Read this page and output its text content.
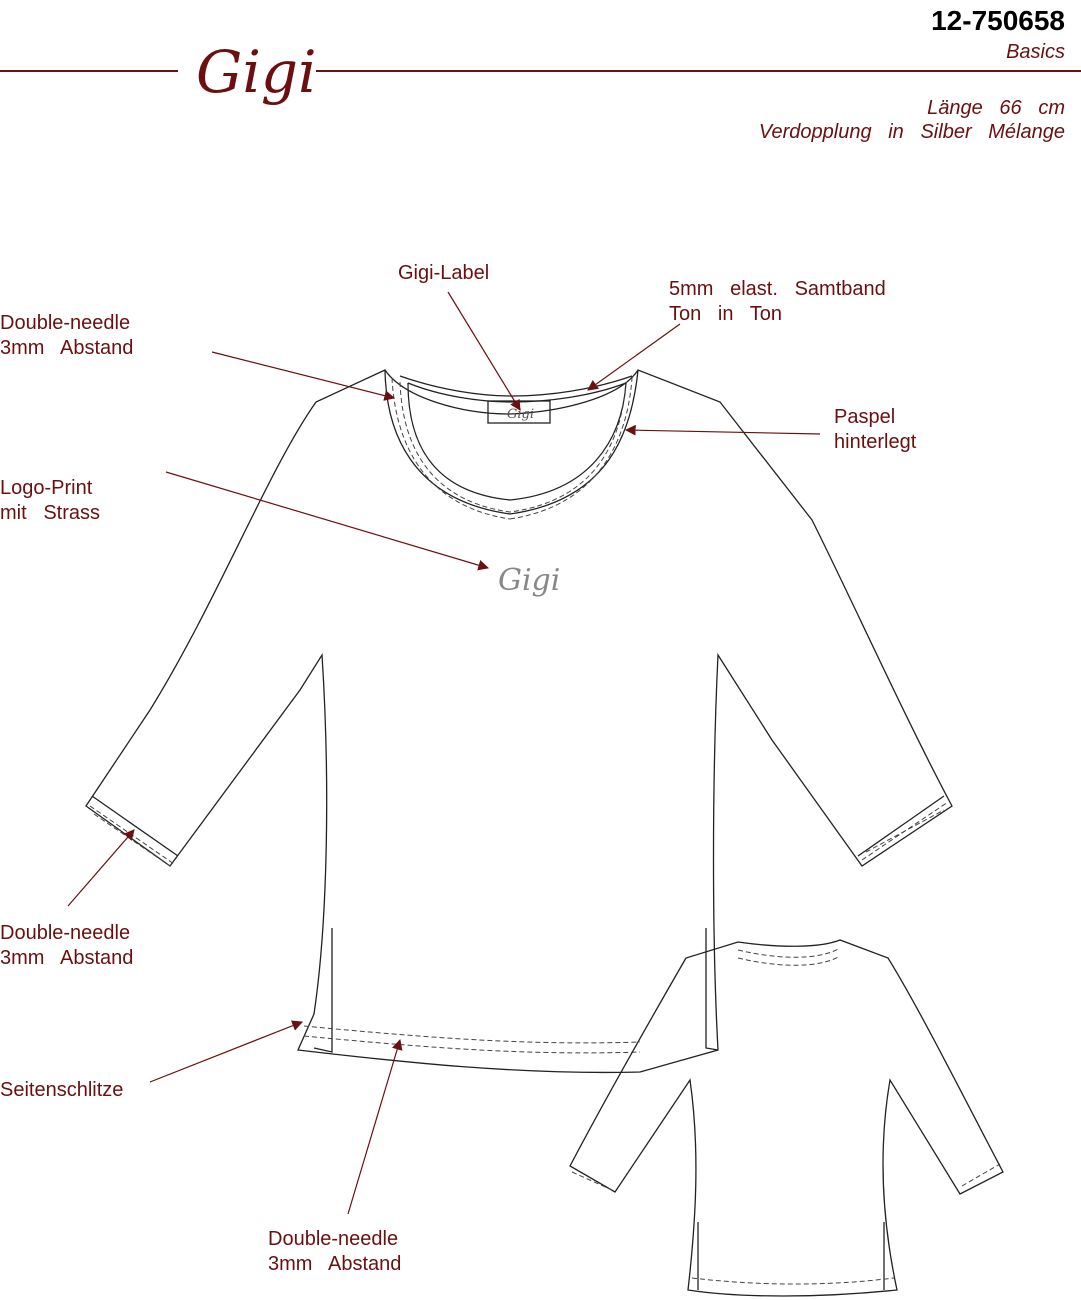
Gigi
12-750658
Basics
Länge   66   cm
Verdopplung   in   Silber   Mélange
Gigi
Gigi
Double-needle 3mm   Abstand
Gigi-Label
5mm   elast.   Samtband Ton   in   Ton
Paspel hinterlegt
Logo-Print mit   Strass
Double-needle 3mm   Abstand
Seitenschlitze
Double-needle 3mm   Abstand
